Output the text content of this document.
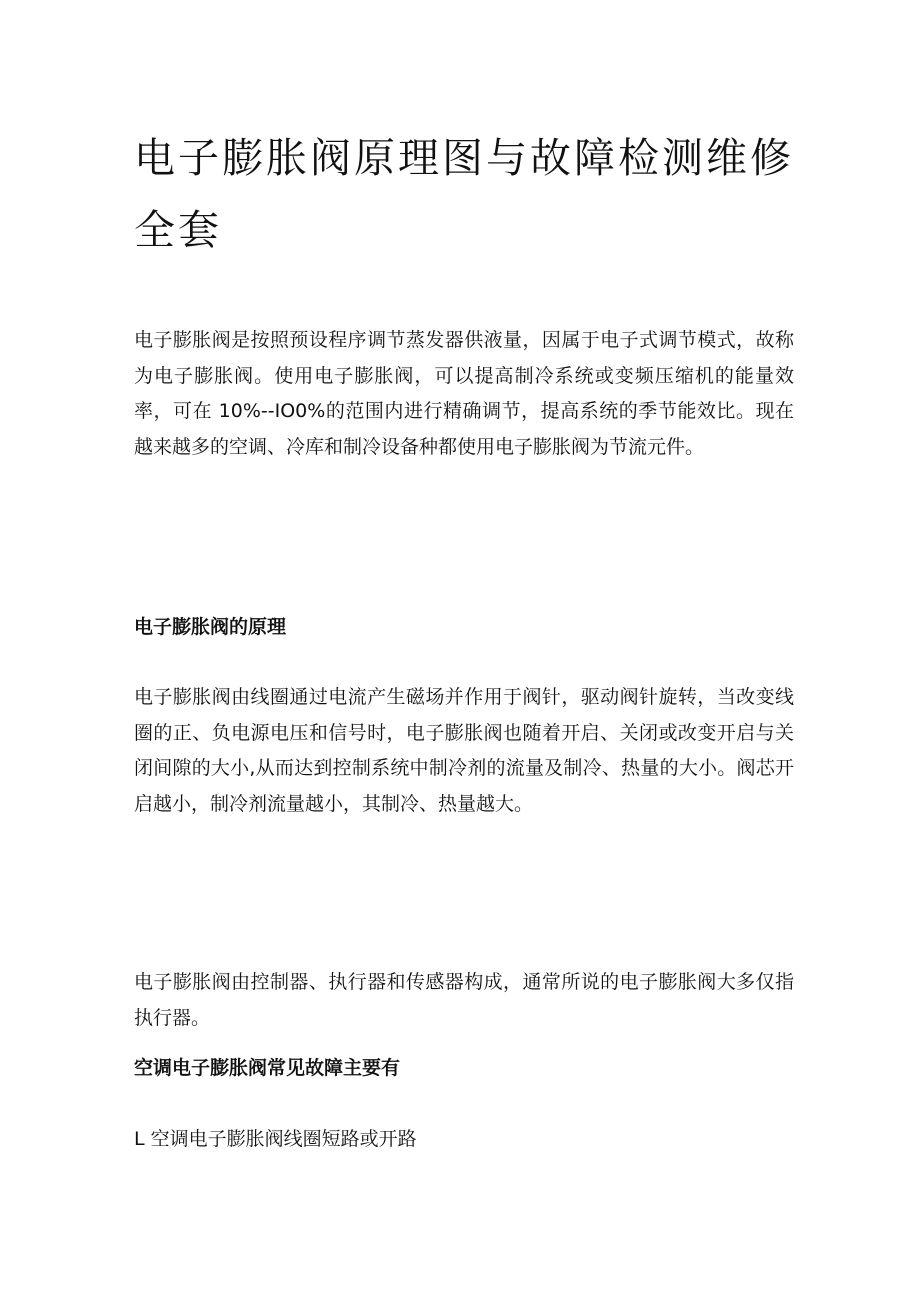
电子膨胀阀原理图与故障检测维修全套

电子膨胀阀是按照预设程序调节蒸发器供液量，因属于电子式调节模式，故称为电子膨胀阀。使用电子膨胀阀，可以提高制冷系统或变频压缩机的能量效率，可在 10%--IO0%的范围内进行精确调节，提高系统的季节能效比。现在越来越多的空调、冷库和制冷设备种都使用电子膨胀阀为节流元件。

电子膨胀阀的原理

电子膨胀阀由线圈通过电流产生磁场并作用于阀针，驱动阀针旋转，当改变线圈的正、负电源电压和信号时，电子膨胀阀也随着开启、关闭或改变开启与关闭间隙的大小,从而达到控制系统中制冷剂的流量及制冷、热量的大小。阀芯开启越小，制冷剂流量越小，其制冷、热量越大。

电子膨胀阀由控制器、执行器和传感器构成，通常所说的电子膨胀阀大多仅指执行器。

空调电子膨胀阀常见故障主要有

L 空调电子膨胀阀线圈短路或开路
